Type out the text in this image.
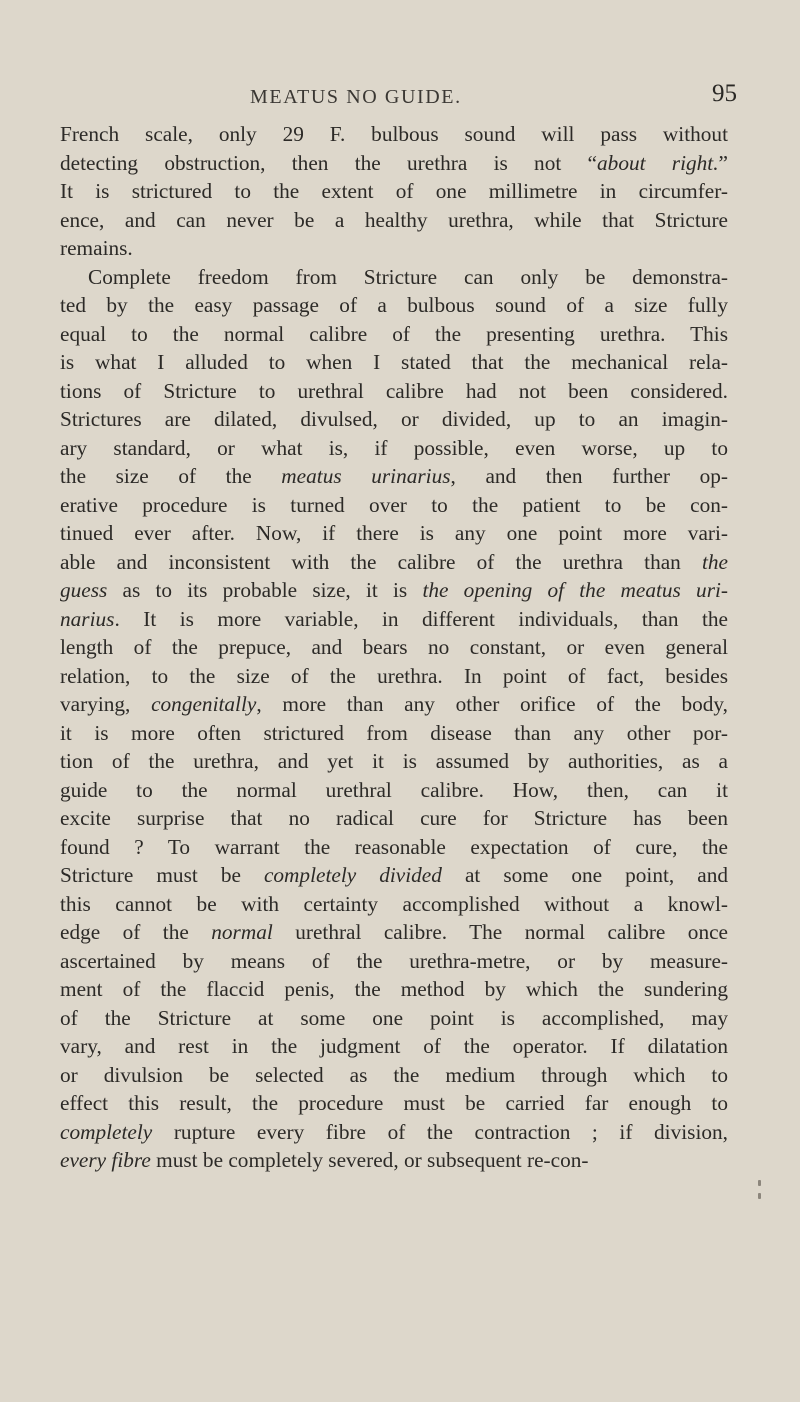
MEATUS NO GUIDE.	95
French scale, only 29 F. bulbous sound will pass without
detecting obstruction, then the urethra is not “about right.”
It is strictured to the extent of one millimetre in circumfer-
ence, and can never be a healthy urethra, while that Stricture
remains.
Complete freedom from Stricture can only be demonstra-
ted by the easy passage of a bulbous sound of a size fully
equal to the normal calibre of the presenting urethra. This
is what I alluded to when I stated that the mechanical rela-
tions of Stricture to urethral calibre had not been considered.
Strictures are dilated, divulsed, or divided, up to an imagin-
ary standard, or what is, if possible, even worse, up to
the size of the meatus urinarius, and then further op-
erative procedure is turned over to the patient to be con-
tinued ever after. Now, if there is any one point more vari-
able and inconsistent with the calibre of the urethra than the
guess as to its probable size, it is the opening of the meatus uri-
narius. It is more variable, in different individuals, than the
length of the prepuce, and bears no constant, or even general
relation, to the size of the urethra. In point of fact, besides
varying, congenitally, more than any other orifice of the body,
it is more often strictured from disease than any other por-
tion of the urethra, and yet it is assumed by authorities, as a
guide to the normal urethral calibre. How, then, can it
excite surprise that no radical cure for Stricture has been
found ? To warrant the reasonable expectation of cure, the
Stricture must be completely divided at some one point, and
this cannot be with certainty accomplished without a knowl-
edge of the normal urethral calibre. The normal calibre once
ascertained by means of the urethra-metre, or by measure-
ment of the flaccid penis, the method by which the sundering
of the Stricture at some one point is accomplished, may
vary, and rest in the judgment of the operator. If dilatation
or divulsion be selected as the medium through which to
effect this result, the procedure must be carried far enough to
completely rupture every fibre of the contraction ; if division,
every fibre must be completely severed, or subsequent re-con-
